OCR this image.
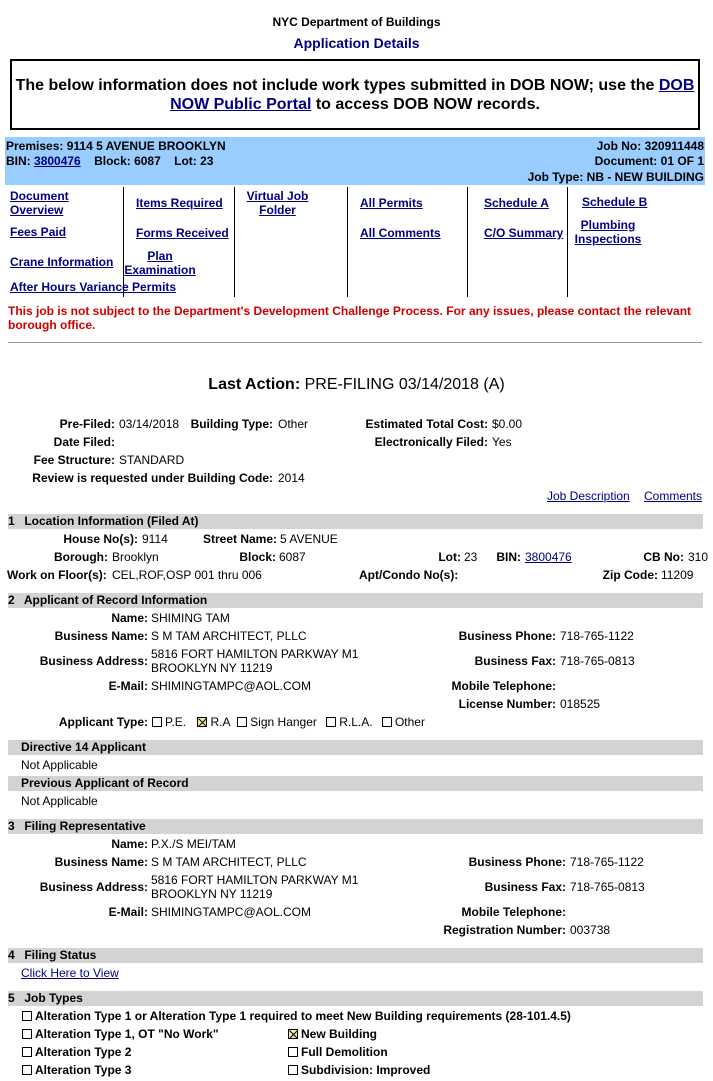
NYC Department of Buildings
Application Details
The below information does not include work types submitted in DOB NOW; use the DOB NOW Public Portal to access DOB NOW records.
Premises: 9114 5 AVENUE BROOKLYN
BIN: 3800476 Block: 6087 Lot: 23
Job No: 320911448
Document: 01 OF 1
Job Type: NB - NEW BUILDING
Document Overview
Fees Paid
Crane Information
After Hours Variance Permits
Items Required
Forms Received
Plan Examination
Virtual Job Folder	All Permits
All Comments
Schedule A
C/O Summary
Schedule B
Plumbing Inspections
This job is not subject to the Department's Development Challenge Process. For any issues, please contact the relevant borough office.
Last Action: PRE-FILING 03/14/2018 (A)
Pre-Filed: 03/14/2018 Building Type: Other	Estimated Total Cost: $0.00
Date Filed:	Electronically Filed: Yes
Fee Structure: STANDARD
Review is requested under Building Code: 2014
Job Description Comments
1 Location Information (Filed At)
House No(s): 9114	Street Name: 5 AVENUE
Borough: Brooklyn	Block: 6087	Lot: 23 BIN: 3800476	CB No: 310
Work on Floor(s): CEL,ROF,OSP 001 thru 006	Apt/Condo No(s):	Zip Code: 11209
2 Applicant of Record Information
Name: SHIMING TAM
Business Name: S M TAM ARCHITECT, PLLC	Business Phone: 718-765-1122
Business Address: 5816 FORT HAMILTON PARKWAY M1
BROOKLYN NY 11219	Business Fax: 718-765-0813
E-Mail: SHIMINGTAMPC@AOL.COM	Mobile Telephone:
License Number: 018525
Applicant Type:	P.E. R.A Sign Hanger R.L.A. Other
Directive 14 Applicant
Not Applicable
Previous Applicant of Record
Not Applicable
3 Filing Representative
Name: P.X./S MEI/TAM
Business Name: S M TAM ARCHITECT, PLLC	Business Phone: 718-765-1122
Business Address: 5816 FORT HAMILTON PARKWAY M1
BROOKLYN NY 11219	Business Fax: 718-765-0813
E-Mail: SHIMINGTAMPC@AOL.COM	Mobile Telephone:
Registration Number: 003738
4 Filing Status
Click Here to View
5 Job Types
Alteration Type 1 or Alteration Type 1 required to meet New Building requirements (28-101.4.5)
Alteration Type 1, OT "No Work"	New Building
Alteration Type 2	Full Demolition
Alteration Type 3	Subdivision: Improved
